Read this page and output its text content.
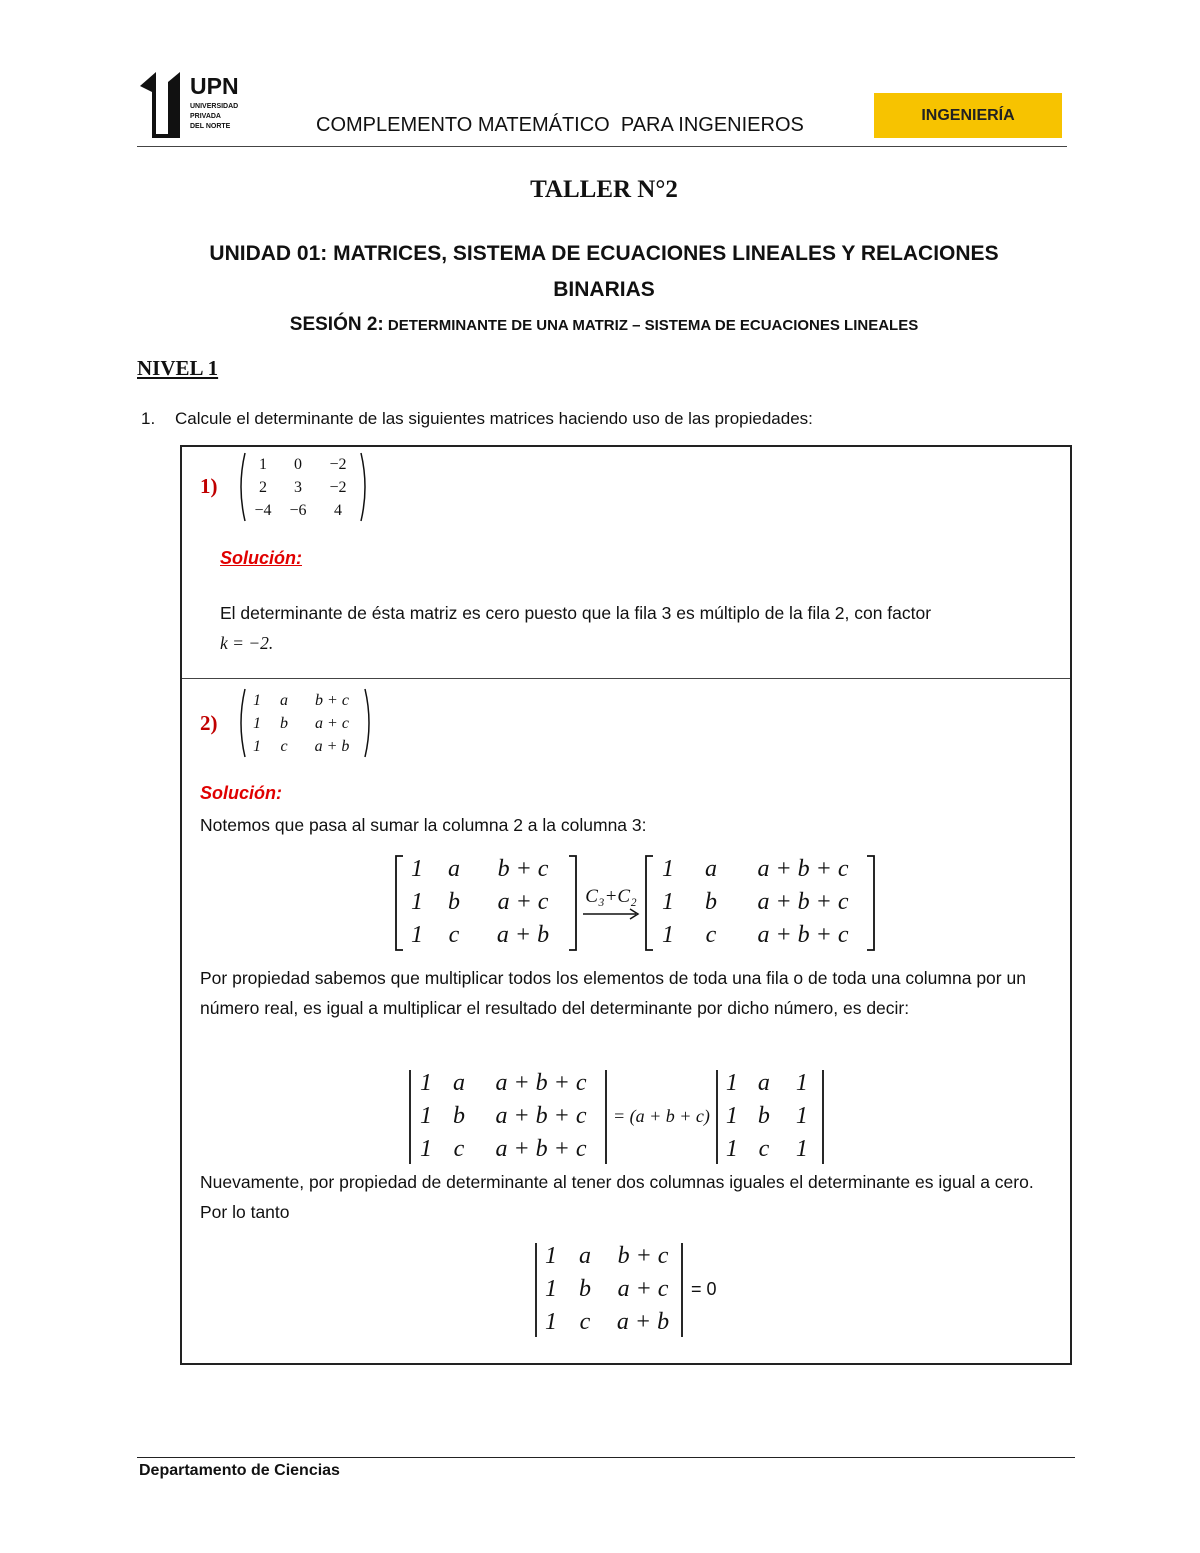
UPN
UNIVERSIDAD
PRIVADA
DEL NORTE	COMPLEMENTO MATEMÁTICO  PARA INGENIEROS	INGENIERÍA
TALLER N°2
UNIDAD 01: MATRICES, SISTEMA DE ECUACIONES LINEALES Y RELACIONES BINARIAS
SESIÓN 2: DETERMINANTE DE UNA MATRIZ – SISTEMA DE ECUACIONES LINEALES
NIVEL 1
1. Calcule el determinante de las siguientes matrices haciendo uso de las propiedades:
1)
1	0	−2
2	3	−2
−4	−6	4
Solución:
El determinante de ésta matriz es cero puesto que la fila 3 es múltiplo de la fila 2, con factor
k = −2.
2)
1	a	b + c
1	b	a + c
1	c	a + b
Solución:
Notemos que pasa al sumar la columna 2 a la columna 3:
1	a	b + c
1	b	a + c
1	c	a + b
C₃+C₂
1	a	a + b + c
1	b	a + b + c
1	c	a + b + c
Por propiedad sabemos que multiplicar todos los elementos de toda una fila o de toda una columna por un número real, es igual a multiplicar el resultado del determinante por dicho número, es decir:
1 a	a + b + c
1 b	a + b + c
1 c	a + b + c
= (a + b + c)
1 a	1
1 b	1
1 c	1
Nuevamente, por propiedad de determinante al tener dos columnas iguales el determinante es igual a cero. Por lo tanto
1 a	b + c
1 b	a + c
1 c	a + b
= 0
Departamento de Ciencias
